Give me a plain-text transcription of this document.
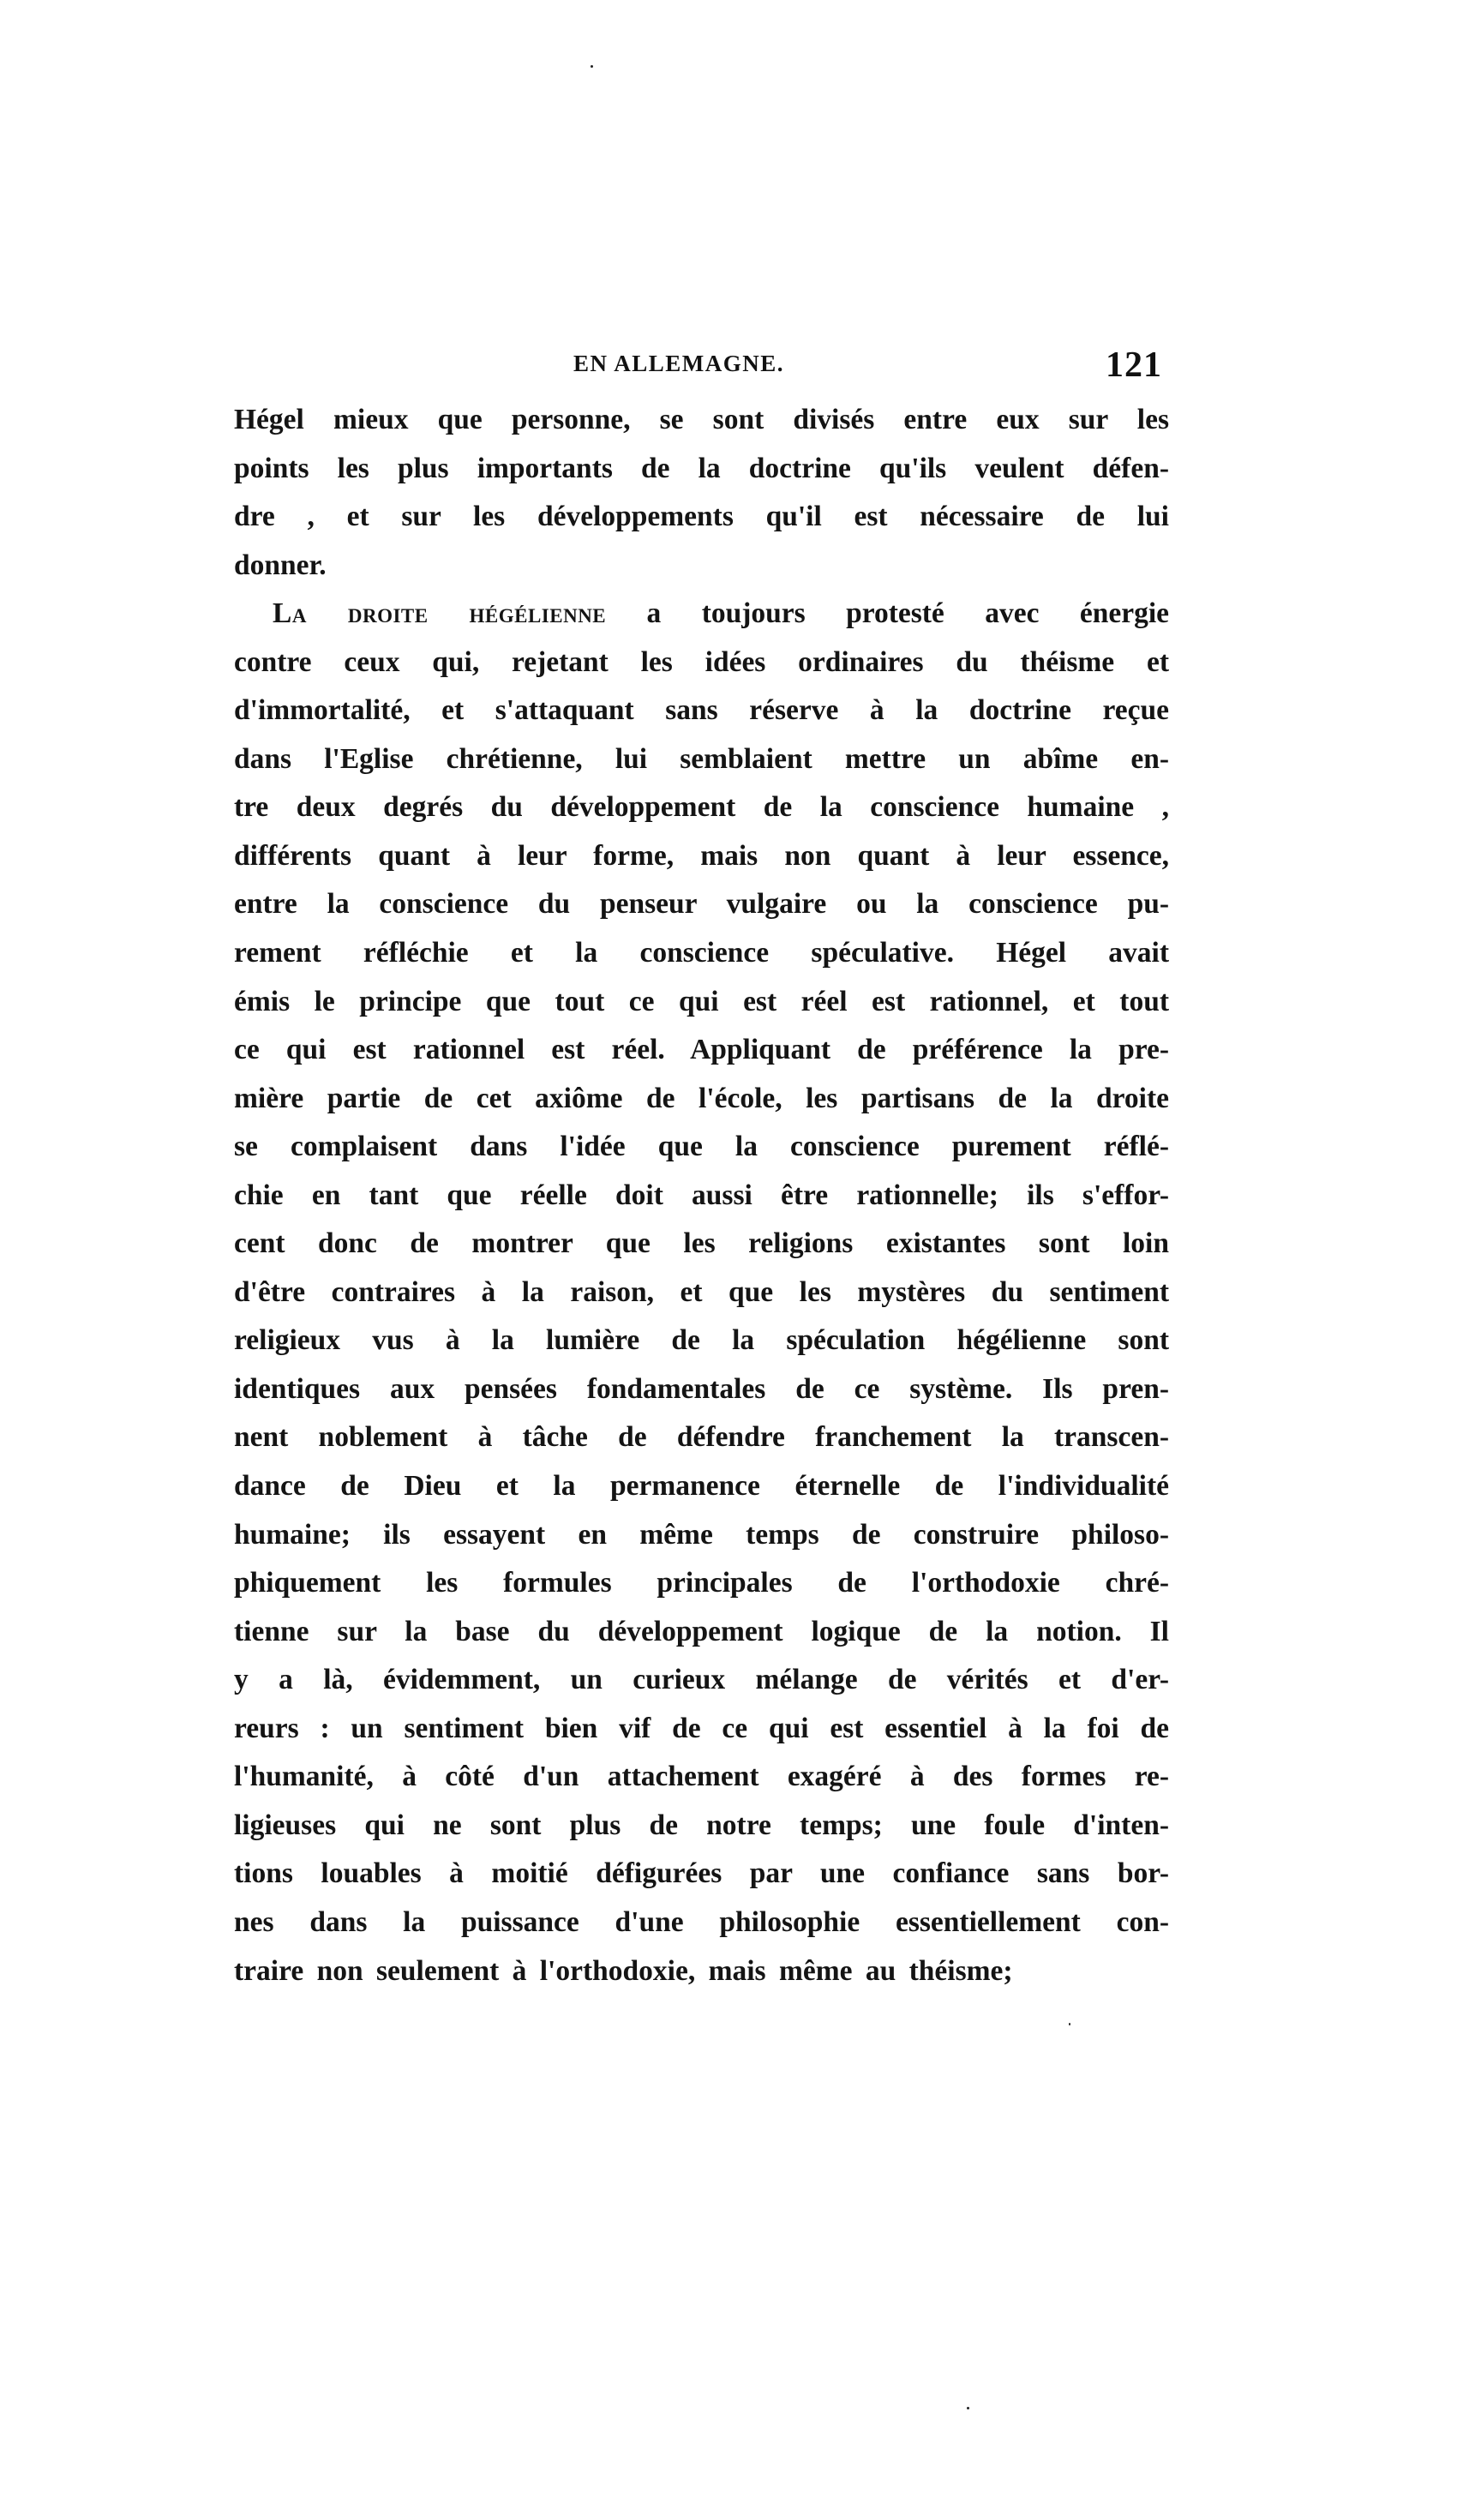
EN ALLEMAGNE.	121
Hégel mieux que personne, se sont divisés entre eux sur les
points les plus importants de la doctrine qu'ils veulent défen-
dre , et sur les développements qu'il est nécessaire de lui
donner.
La droite hégélienne a toujours protesté avec énergie
contre ceux qui, rejetant les idées ordinaires du théisme et
d'immortalité, et s'attaquant sans réserve à la doctrine reçue
dans l'Eglise chrétienne, lui semblaient mettre un abîme en-
tre deux degrés du développement de la conscience humaine ,
différents quant à leur forme, mais non quant à leur essence,
entre la conscience du penseur vulgaire ou la conscience pu-
rement réfléchie et la conscience spéculative. Hégel avait
émis le principe que tout ce qui est réel est rationnel, et tout
ce qui est rationnel est réel. Appliquant de préférence la pre-
mière partie de cet axiôme de l'école, les partisans de la droite
se complaisent dans l'idée que la conscience purement réflé-
chie en tant que réelle doit aussi être rationnelle; ils s'effor-
cent donc de montrer que les religions existantes sont loin
d'être contraires à la raison, et que les mystères du sentiment
religieux vus à la lumière de la spéculation hégélienne sont
identiques aux pensées fondamentales de ce système. Ils pren-
nent noblement à tâche de défendre franchement la transcen-
dance de Dieu et la permanence éternelle de l'individualité
humaine; ils essayent en même temps de construire philoso-
phiquement les formules principales de l'orthodoxie chré-
tienne sur la base du développement logique de la notion. Il
y a là, évidemment, un curieux mélange de vérités et d'er-
reurs : un sentiment bien vif de ce qui est essentiel à la foi de
l'humanité, à côté d'un attachement exagéré à des formes re-
ligieuses qui ne sont plus de notre temps; une foule d'inten-
tions louables à moitié défigurées par une confiance sans bor-
nes dans la puissance d'une philosophie essentiellement con-
traire non seulement à l'orthodoxie, mais même au théisme;
